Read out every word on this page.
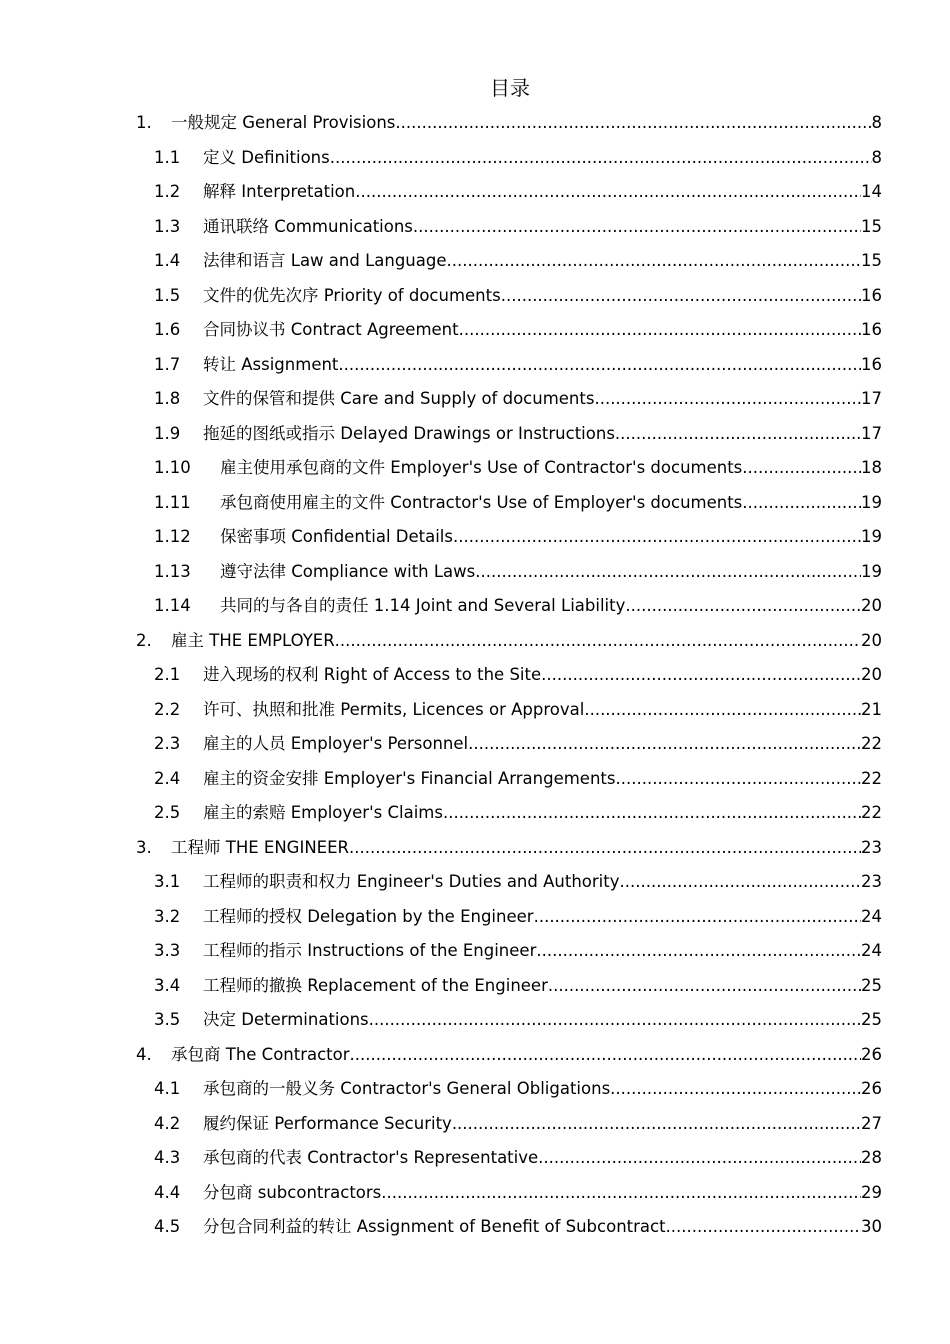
目录
1.	一般规定 General Provisions .....	8
1.1	定义 Definitions .....	8
1.2	解释 Interpretation .....	14
1.3	通讯联络 Communications .....	15
1.4	法律和语言 Law and Language .....	15
1.5	文件的优先次序 Priority of documents .....	16
1.6	合同协议书 Contract Agreement .....	16
1.7	转让 Assignment .....	16
1.8	文件的保管和提供 Care and Supply of documents .....	17
1.9	拖延的图纸或指示 Delayed Drawings or Instructions .....	17
1.10	雇主使用承包商的文件 Employer's Use of Contractor's documents .....	18
1.11	承包商使用雇主的文件 Contractor's Use of Employer's documents .....	19
1.12	保密事项 Confidential Details .....	19
1.13	遵守法律 Compliance with Laws .....	19
1.14	共同的与各自的责任 1.14 Joint and Several Liability .....	20
2.	雇主 THE EMPLOYER .....	20
2.1	进入现场的权利 Right of Access to the Site .....	20
2.2	许可、执照和批准 Permits, Licences or Approval .....	21
2.3	雇主的人员 Employer's Personnel .....	22
2.4	雇主的资金安排 Employer's Financial Arrangements .....	22
2.5	雇主的索赔 Employer's Claims .....	22
3.	工程师 THE ENGINEER .....	23
3.1	工程师的职责和权力 Engineer's Duties and Authority .....	23
3.2	工程师的授权 Delegation by the Engineer .....	24
3.3	工程师的指示 Instructions of the Engineer .....	24
3.4	工程师的撤换 Replacement of the Engineer .....	25
3.5	决定 Determinations .....	25
4.	承包商 The Contractor .....	26
4.1	承包商的一般义务 Contractor's General Obligations .....	26
4.2	履约保证 Performance Security .....	27
4.3	承包商的代表 Contractor's Representative .....	28
4.4	分包商 subcontractors .....	29
4.5	分包合同利益的转让 Assignment of Benefit of Subcontract .....	30
